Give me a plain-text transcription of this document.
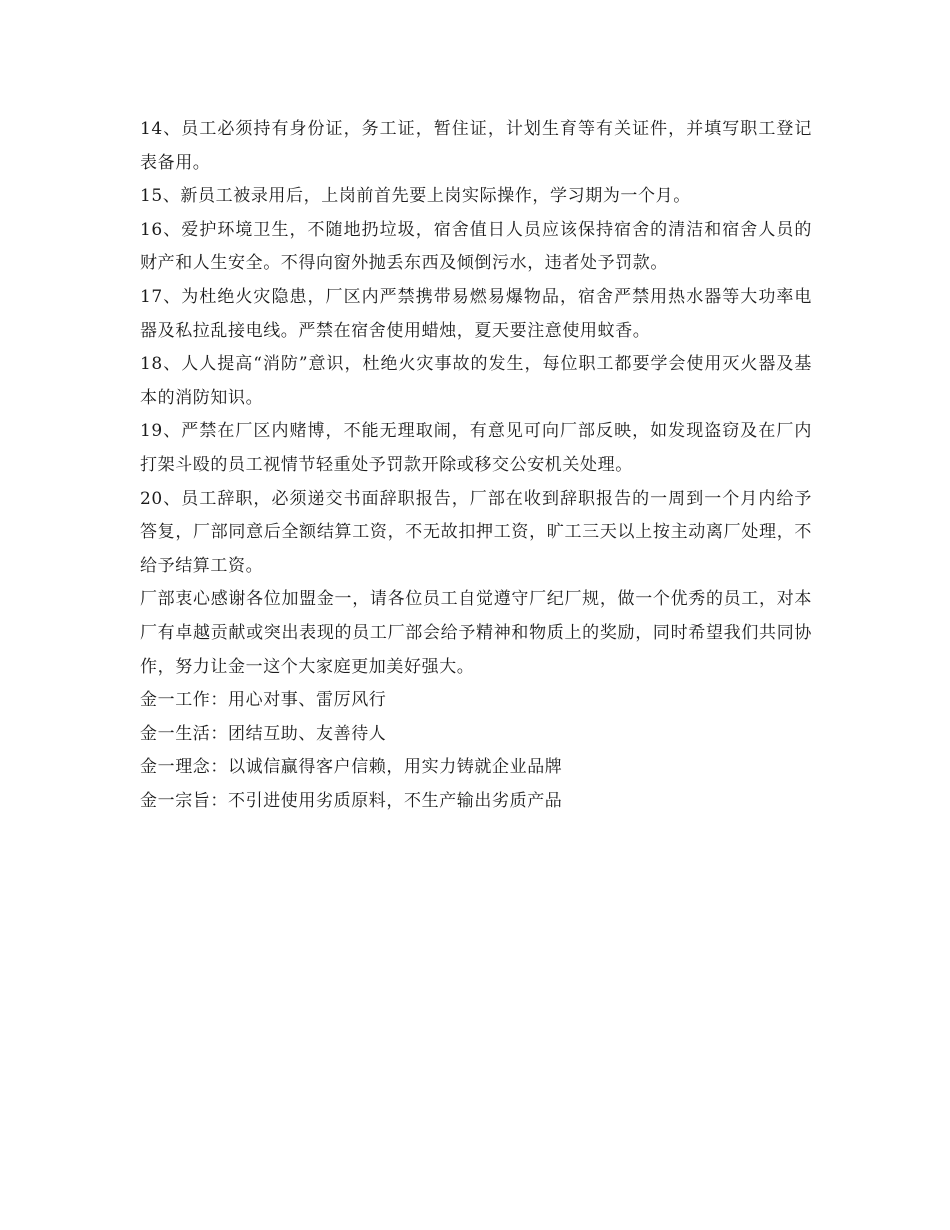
14、员工必须持有身份证，务工证，暂住证，计划生育等有关证件，并填写职工登记表备用。

15、新员工被录用后，上岗前首先要上岗实际操作，学习期为一个月。

16、爱护环境卫生，不随地扔垃圾，宿舍值日人员应该保持宿舍的清洁和宿舍人员的财产和人生安全。不得向窗外抛丢东西及倾倒污水，违者处予罚款。

17、为杜绝火灾隐患，厂区内严禁携带易燃易爆物品，宿舍严禁用热水器等大功率电器及私拉乱接电线。严禁在宿舍使用蜡烛，夏天要注意使用蚊香。

18、人人提高“消防”意识，杜绝火灾事故的发生，每位职工都要学会使用灭火器及基本的消防知识。

19、严禁在厂区内赌博，不能无理取闹，有意见可向厂部反映，如发现盗窃及在厂内打架斗殴的员工视情节轻重处予罚款开除或移交公安机关处理。

20、员工辞职，必须递交书面辞职报告，厂部在收到辞职报告的一周到一个月内给予答复，厂部同意后全额结算工资，不无故扣押工资，旷工三天以上按主动离厂处理，不给予结算工资。

厂部衷心感谢各位加盟金一，请各位员工自觉遵守厂纪厂规，做一个优秀的员工，对本厂有卓越贡献或突出表现的员工厂部会给予精神和物质上的奖励，同时希望我们共同协作，努力让金一这个大家庭更加美好强大。

金一工作：用心对事、雷厉风行

金一生活：团结互助、友善待人

金一理念：以诚信赢得客户信赖，用实力铸就企业品牌

金一宗旨：不引进使用劣质原料，不生产输出劣质产品
